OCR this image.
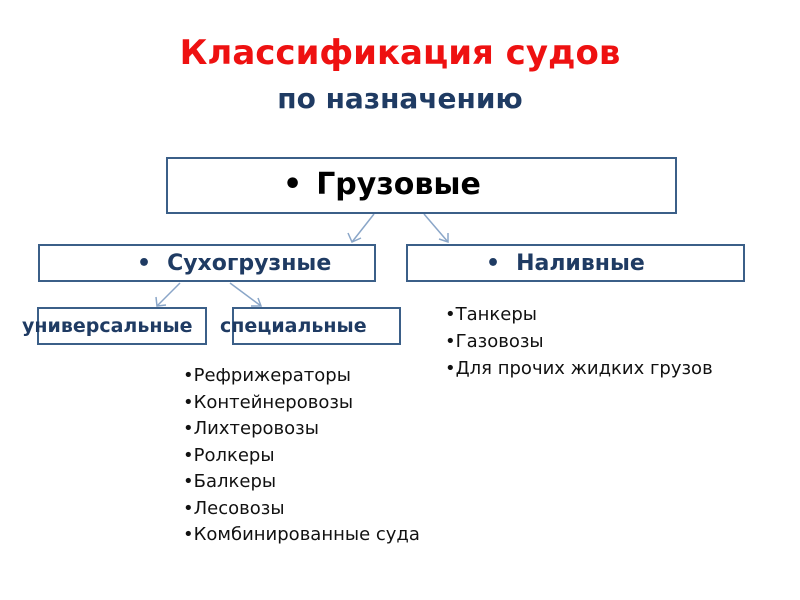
Классификация судов
по назначению
• Грузовые
• Сухогрузные	• Наливные
универсальные специальные
•Танкеры
•Газовозы
•Для прочих жидких грузов
•Рефрижераторы
•Контейнеровозы
•Лихтеровозы
•Ролкеры
•Балкеры
•Лесовозы
•Комбинированные суда
